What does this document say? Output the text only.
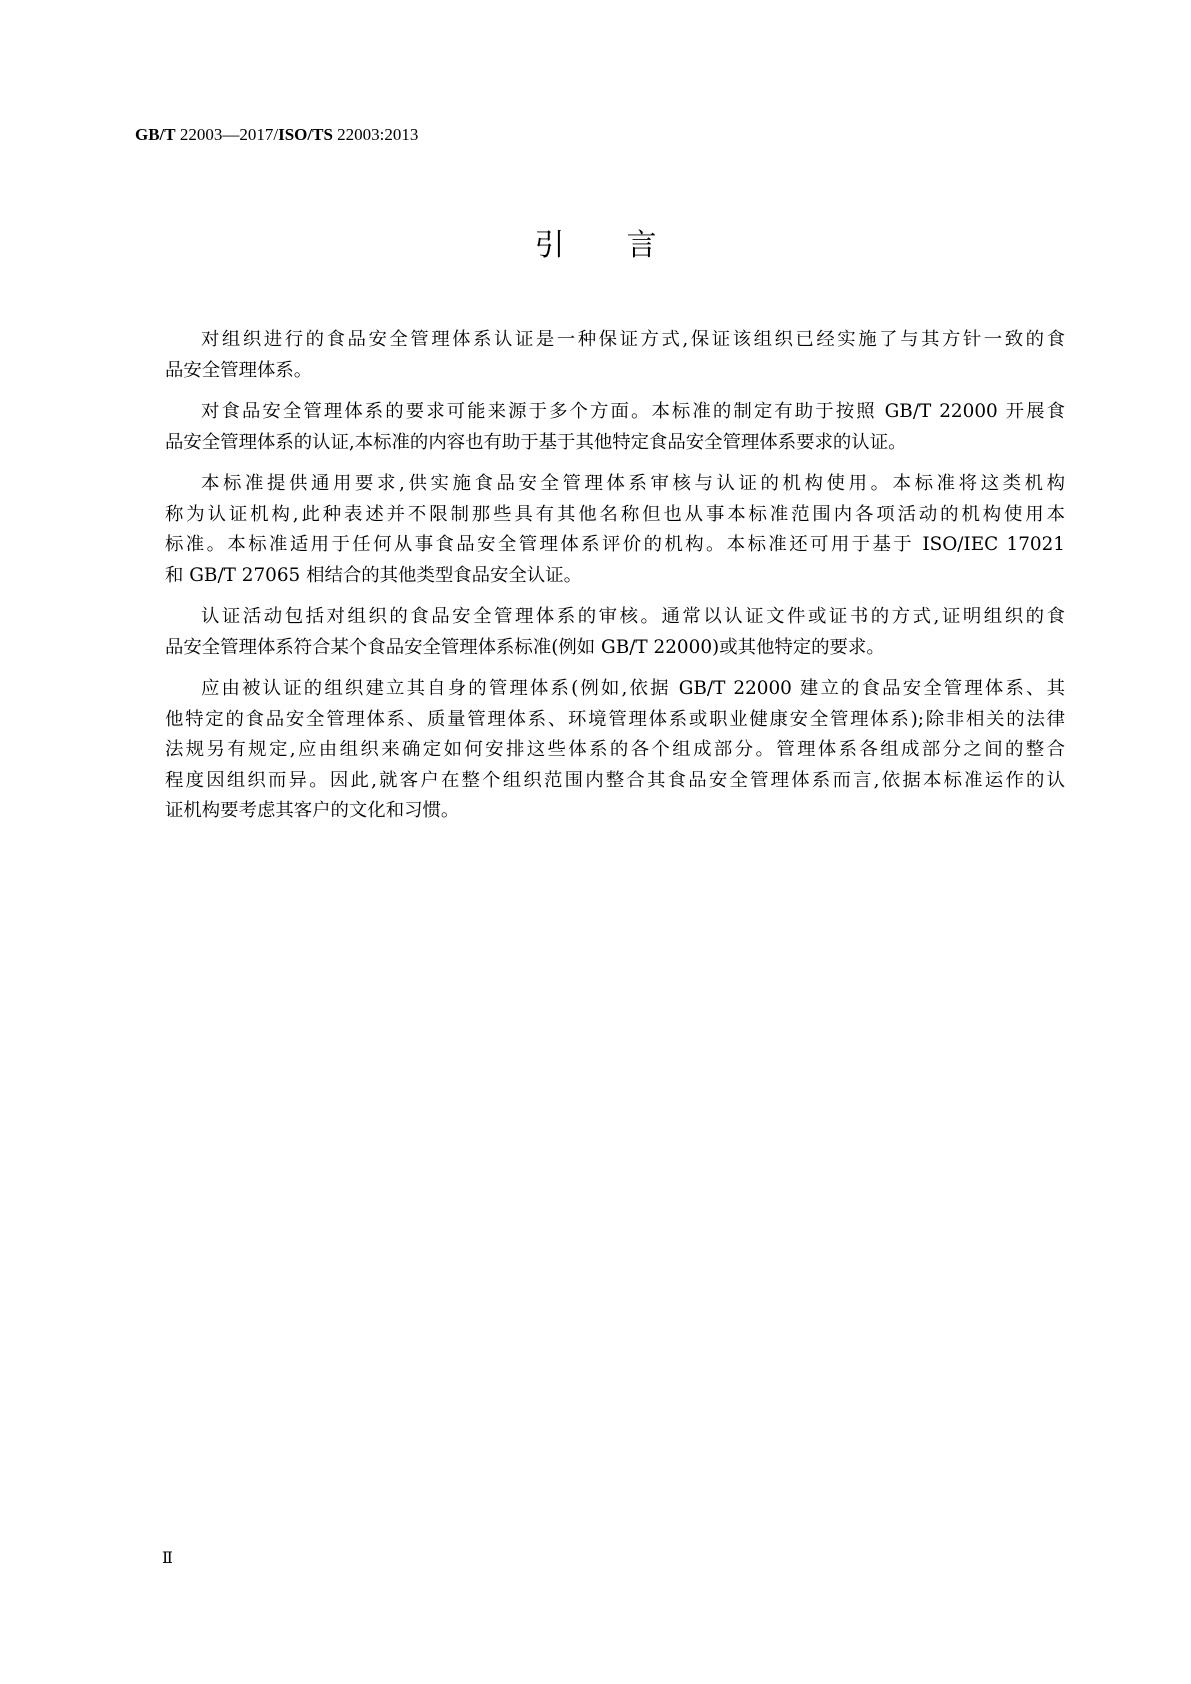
GB/T 22003—2017/ISO/TS 22003:2013
引言

对组织进行的食品安全管理体系认证是一种保证方式,保证该组织已经实施了与其方针一致的食
品安全管理体系。

对食品安全管理体系的要求可能来源于多个方面。本标准的制定有助于按照 GB/T 22000 开展食
品安全管理体系的认证,本标准的内容也有助于基于其他特定食品安全管理体系要求的认证。

本标准提供通用要求,供实施食品安全管理体系审核与认证的机构使用。本标准将这类机构
称为认证机构,此种表述并不限制那些具有其他名称但也从事本标准范围内各项活动的机构使用本
标准。本标准适用于任何从事食品安全管理体系评价的机构。本标准还可用于基于 ISO/IEC 17021
和 GB/T 27065 相结合的其他类型食品安全认证。

认证活动包括对组织的食品安全管理体系的审核。通常以认证文件或证书的方式,证明组织的食
品安全管理体系符合某个食品安全管理体系标准(例如 GB/T 22000)或其他特定的要求。

应由被认证的组织建立其自身的管理体系(例如,依据 GB/T 22000 建立的食品安全管理体系、其
他特定的食品安全管理体系、质量管理体系、环境管理体系或职业健康安全管理体系);除非相关的法律
法规另有规定,应由组织来确定如何安排这些体系的各个组成部分。管理体系各组成部分之间的整合
程度因组织而异。因此,就客户在整个组织范围内整合其食品安全管理体系而言,依据本标准运作的认
证机构要考虑其客户的文化和习惯。

Ⅱ
